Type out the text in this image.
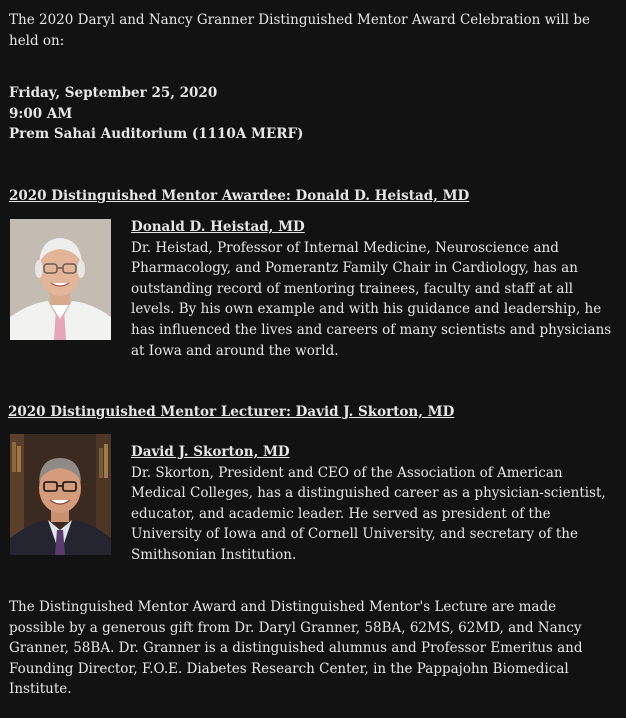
The 2020 Daryl and Nancy Granner Distinguished Mentor Award Celebration will be held on:

Friday, September 25, 2020
9:00 AM
Prem Sahai Auditorium (1110A MERF)
2020 Distinguished Mentor Awardee: Donald D. Heistad, MD
Donald D. Heistad, MD
Dr. Heistad, Professor of Internal Medicine, Neuroscience and Pharmacology, and Pomerantz Family Chair in Cardiology, has an outstanding record of mentoring trainees, faculty and staff at all levels. By his own example and with his guidance and leadership, he has influenced the lives and careers of many scientists and physicians at Iowa and around the world.
2020 Distinguished Mentor Lecturer: David J. Skorton, MD
David J. Skorton, MD
Dr. Skorton, President and CEO of the Association of American Medical Colleges, has a distinguished career as a physician-scientist, educator, and academic leader. He served as president of the University of Iowa and of Cornell University, and secretary of the Smithsonian Institution.

The Distinguished Mentor Award and Distinguished Mentor's Lecture are made possible by a generous gift from Dr. Daryl Granner, 58BA, 62MS, 62MD, and Nancy Granner, 58BA. Dr. Granner is a distinguished alumnus and Professor Emeritus and Founding Director, F.O.E. Diabetes Research Center, in the Pappajohn Biomedical Institute.
